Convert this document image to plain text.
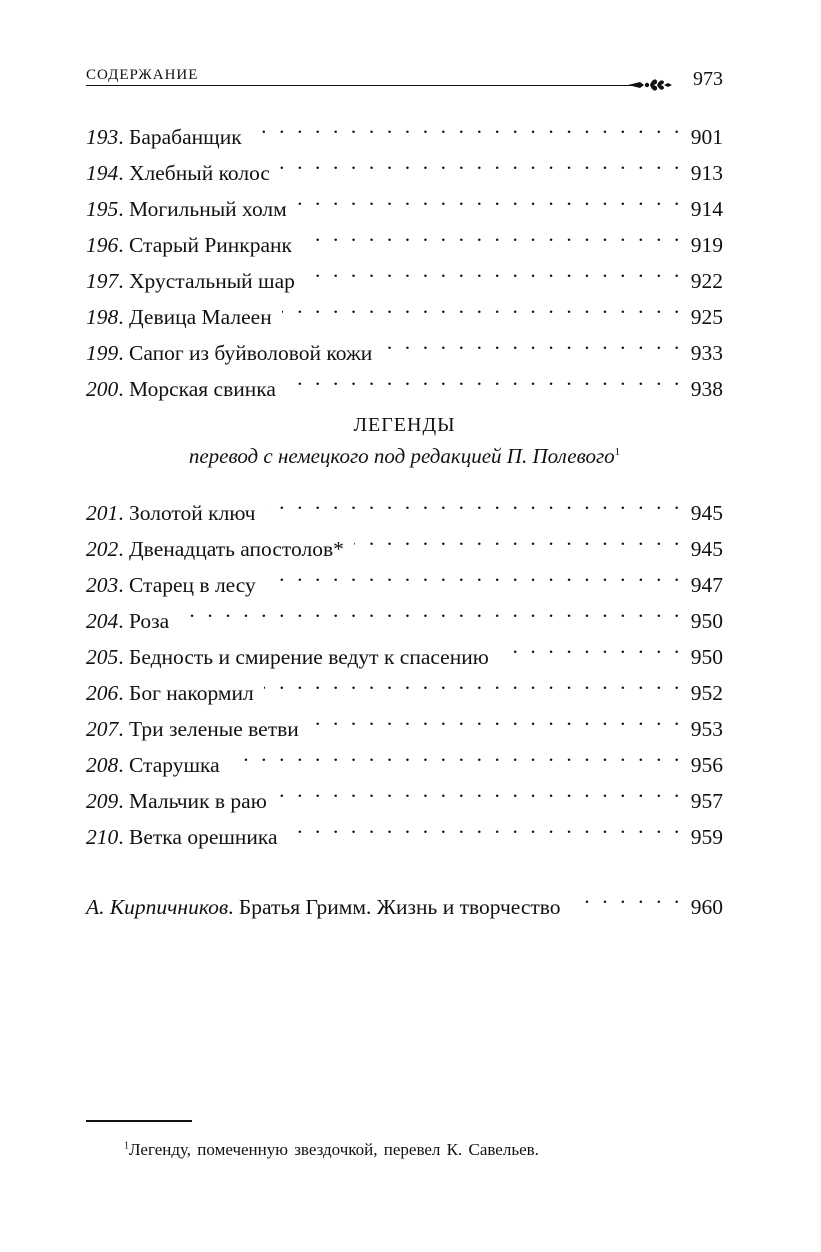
СОДЕРЖАНИЕ	973
193 . Барабанщик . . .	901
194 . Хлебный колос . . .	913
195 . Могильный холм . . .	914
196 . Старый Ринкранк . . .	919
197 . Хрустальный шар . . .	922
198 . Девица Малеен . . .	925
199 . Сапог из буйволовой кожи . . .	933
200 . Морская свинка . . .	938
ЛЕГЕНДЫ
перевод с немецкого под редакцией П. Полевого$^1$
201 . Золотой ключ . . .	945
202 . Двенадцать апостолов* . . .	945
203 . Старец в лесу . . .	947
204 . Роза . . .	950
205 . Бедность и смирение ведут к спасению . . .	950
206 . Бог накормил . . .	952
207 . Три зеленые ветви . . .	953
208 . Старушка . . .	956
209 . Мальчик в раю . . .	957
210 . Ветка орешника . . .	959
А. Кирпичников . Братья Гримм. Жизнь и творчество . . .	960
$^1$Легенду, помеченную звездочкой, перевел К. Савельев.
